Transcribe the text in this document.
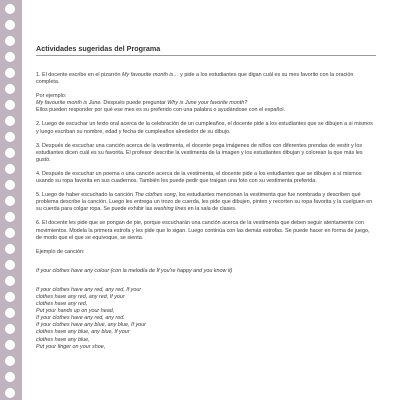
Actividades sugeridas del Programa

1. El docente escribe en el pizarrón My favourite month is… y pide a los estudiantes que digan cuál es su mes favorito con la oración completa.

Por ejemplo:

My favourite month is June. Después puede preguntar Why is June your favorite month?
Ellos pueden responder por qué ese mes es su preferido con una palabra o ayudándose con el español.

2. Luego de escuchar un texto oral acerca de la celebración de un cumpleaños, el docente pide a los estudiantes que se dibujen a sí mismos y luego escriban su nombre, edad y fecha de cumpleaños alrededor de su dibujo.

3. Después de escuchar una canción acerca de la vestimenta, el docente pega imágenes de niños con diferentes prendas de vestir y los estudiantes dicen cuál es su favorita. El profesor describe la vestimenta de la imagen y los estudiantes dibujan y colorean la que más les gustó.

4. Después de escuchar un poema o una canción acerca de la vestimenta, el docente pide a los estudiantes que se dibujen a sí mismos usando su ropa favorita en sus cuadernos. También les puede pedir que traigan una foto con su vestimenta preferida.

5. Luego de haber escuchado la canción The clothes song, los estudiantes mencionan la vestimenta que fue nombrada y describen qué problema describe la canción. Luego les entrega un trozo de cuerda, les pide que dibujen, pinten y recorten su ropa favorita y la cuelguen en su cuerda para colgar ropa. Se puede exhibir las washing lines en la sala de clases.

6. El docente les pide que se pongan de pie, porque escucharán una canción acerca de la vestimenta que deben seguir atentamente con movimientos. Modela la primera estrofa y les pide que lo sigan. Luego continúa con las demás estrofas. Se puede hacer en forma de juego, de modo que el que se equivoque, se sienta.

Ejemplo de canción:

If your clothes have any colour (con la melodía de If you're happy and you know it)

If your clothes have any red, any red, If your
clothes have any red, any red, If your
clothes have any red,
Put your hands up on your head,
If your clothes have any red, any red.
If your clothes have any blue, any blue, If your
clothes have any blue, any blue, If your
clothes have any blue,
Put your finger on your shoe,
